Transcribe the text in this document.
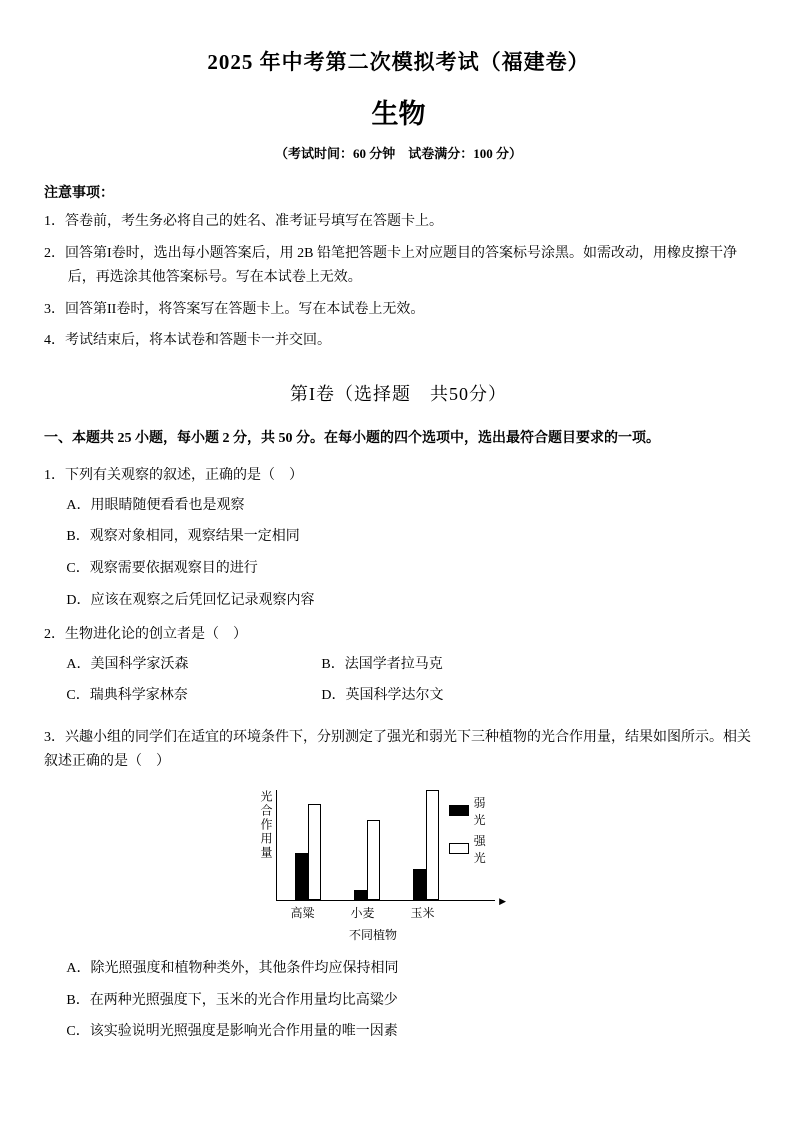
2025 年中考第二次模拟考试（福建卷）
生物
（考试时间：60 分钟　试卷满分：100 分）
注意事项：
1．答卷前，考生务必将自己的姓名、准考证号填写在答题卡上。
2．回答第I卷时，选出每小题答案后，用 2B 铅笔把答题卡上对应题目的答案标号涂黑。如需改动，用橡皮擦干净后，再选涂其他答案标号。写在本试卷上无效。
3．回答第II卷时，将答案写在答题卡上。写在本试卷上无效。
4．考试结束后，将本试卷和答题卡一并交回。
第I卷（选择题　共50分）
一、本题共 25 小题，每小题 2 分，共 50 分。在每小题的四个选项中，选出最符合题目要求的一项。
1．下列有关观察的叙述，正确的是（　）
A．用眼睛随便看看也是观察
B．观察对象相同，观察结果一定相同
C．观察需要依据观察目的进行
D．应该在观察之后凭回忆记录观察内容
2．生物进化论的创立者是（　）
A．美国科学家沃森	B．法国学者拉马克
C．瑞典科学家林奈	D．英国科学达尔文
3．兴趣小组的同学们在适宜的环境条件下，分别测定了强光和弱光下三种植物的光合作用量，结果如图所示。相关叙述正确的是（　）
光合作用量	弱光
强光
▶
高粱	小麦	玉米
不同植物
A．除光照强度和植物种类外，其他条件均应保持相同
B．在两种光照强度下，玉米的光合作用量均比高粱少
C．该实验说明光照强度是影响光合作用量的唯一因素
